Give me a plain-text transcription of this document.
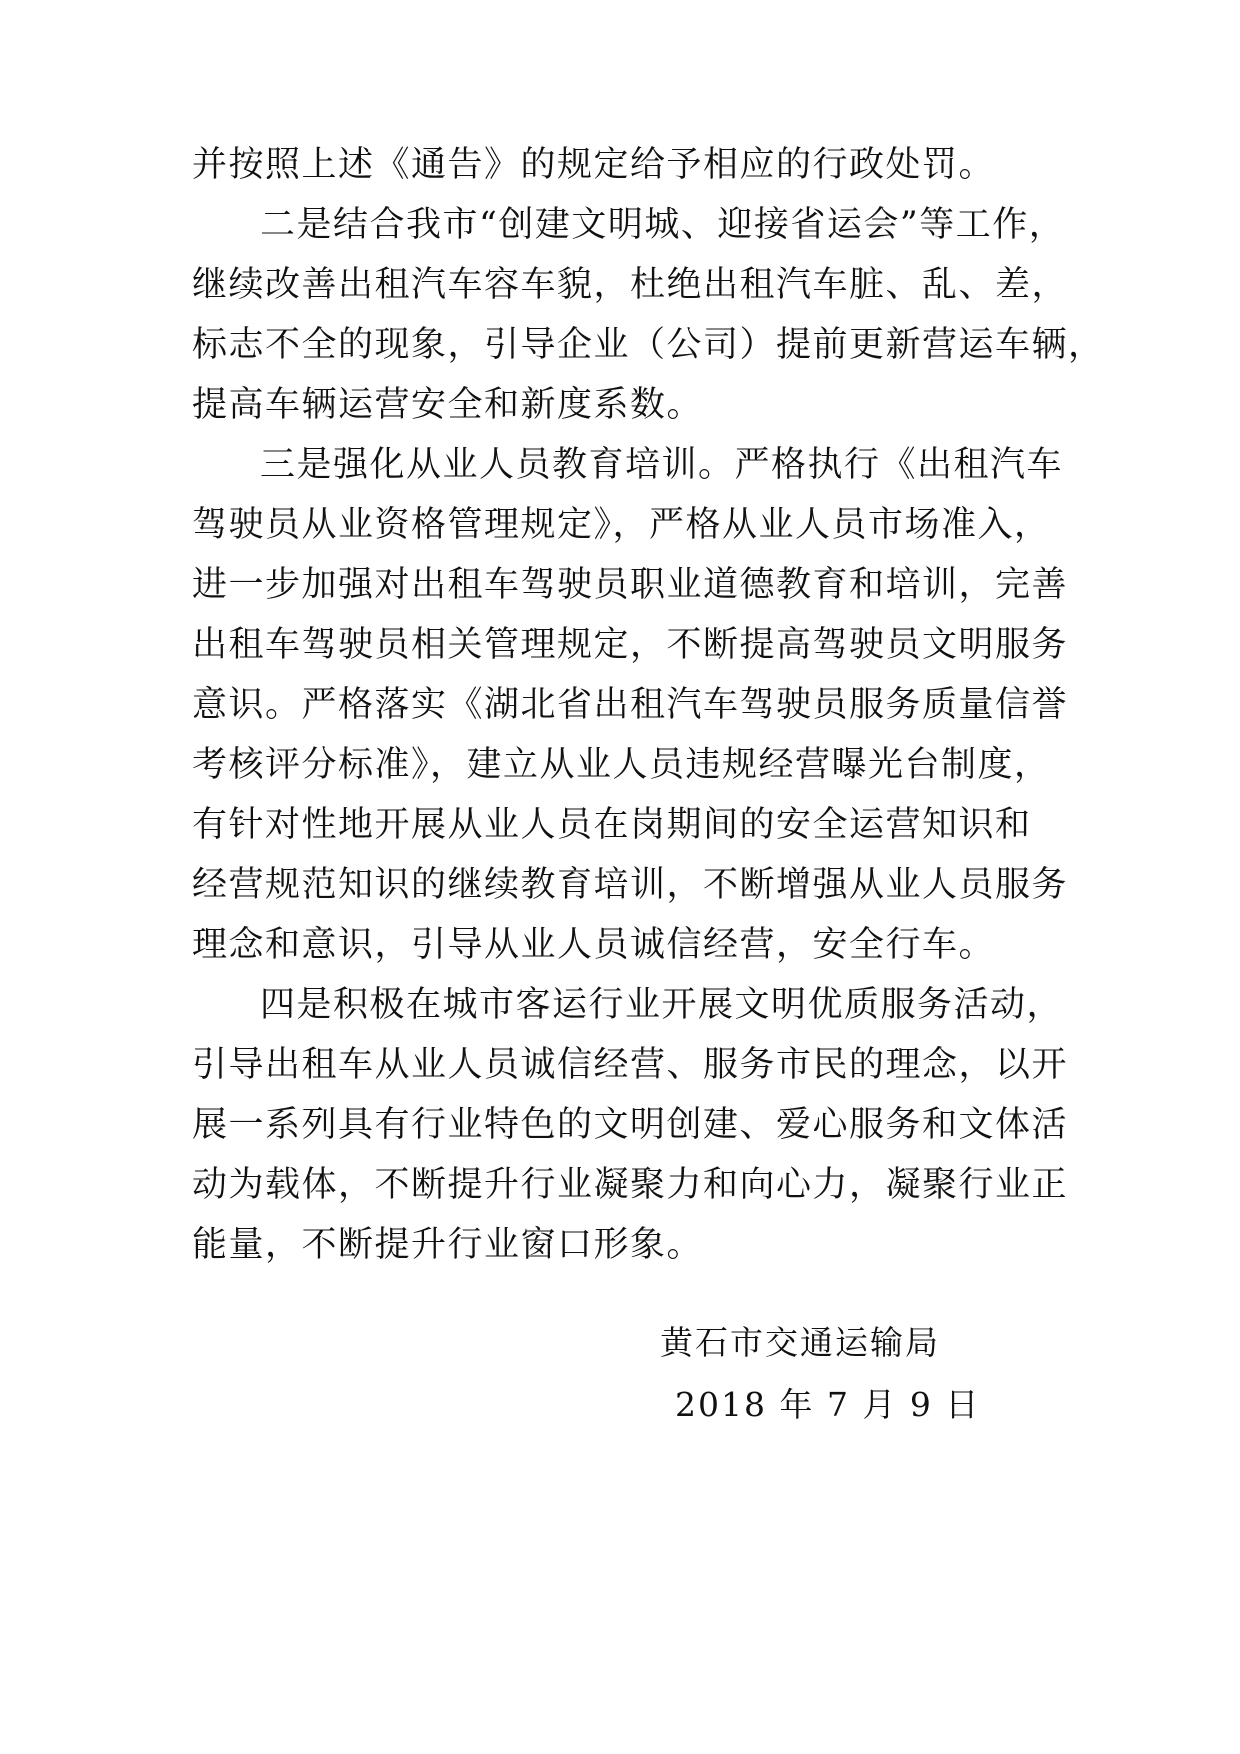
并按照上述《通告》的规定给予相应的行政处罚。
二是结合我市“创建文明城、迎接省运会”等工作，
继续改善出租汽车容车貌，杜绝出租汽车脏、乱、差，
标志不全的现象，引导企业（公司）提前更新营运车辆，
提高车辆运营安全和新度系数。
三是强化从业人员教育培训。严格执行《出租汽车
驾驶员从业资格管理规定》，严格从业人员市场准入，
进一步加强对出租车驾驶员职业道德教育和培训，完善
出租车驾驶员相关管理规定，不断提高驾驶员文明服务
意识。严格落实《湖北省出租汽车驾驶员服务质量信誉
考核评分标准》，建立从业人员违规经营曝光台制度，
有针对性地开展从业人员在岗期间的安全运营知识和
经营规范知识的继续教育培训，不断增强从业人员服务
理念和意识，引导从业人员诚信经营，安全行车。
四是积极在城市客运行业开展文明优质服务活动，
引导出租车从业人员诚信经营、服务市民的理念，以开
展一系列具有行业特色的文明创建、爱心服务和文体活
动为载体，不断提升行业凝聚力和向心力，凝聚行业正
能量，不断提升行业窗口形象。
黄石市交通运输局
2018 年 7 月 9 日
